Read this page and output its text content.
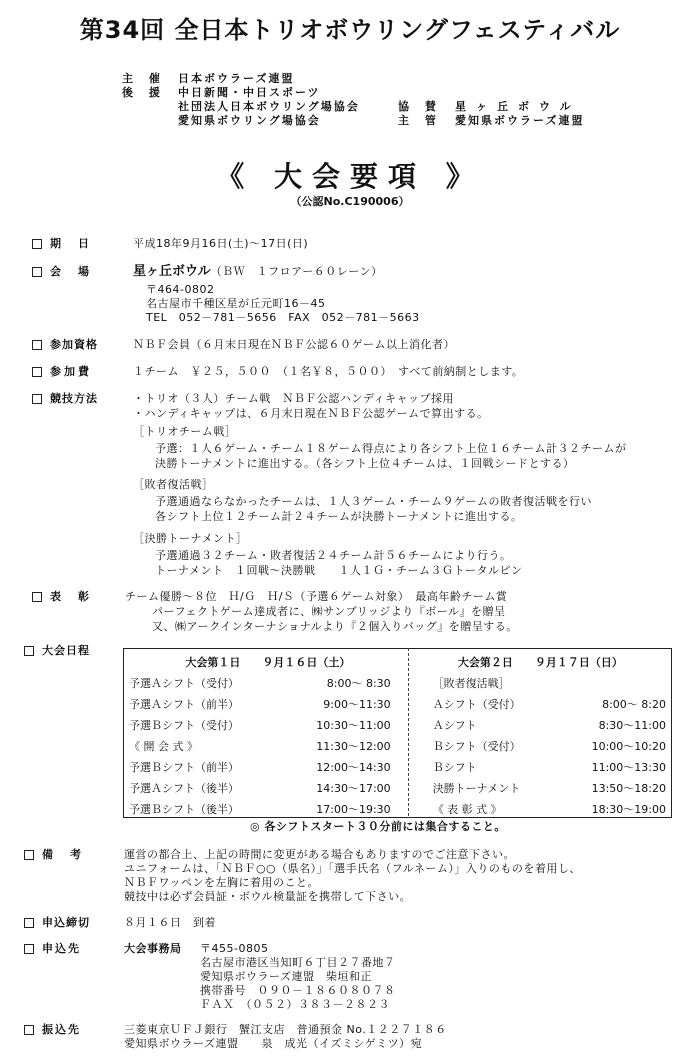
第34回 全日本トリオボウリングフェスティバル
主 催 日本ボウラーズ連盟
後 援 中日新聞・中日スポーツ
社団法人日本ボウリング場協会
愛知県ボウリング場協会
協 賛 星ヶ丘ボウル
主 管 愛知県ボウラーズ連盟
《 大会要項 》
（公認No.C190006）
期　日	平成18年9月16日(土)～17日(日)
会　場	星ヶ丘ボウル（ＢＷ　１フロアー６０レーン）
〒464-0802
名古屋市千種区星が丘元町16－45
TEL　052－781－5656　FAX　052－781－5663
参加資格	ＮＢＦ会員（６月末日現在ＮＢＦ公認６０ゲーム以上消化者）
参加費	１チーム　￥２５，５００　（１名￥８，５００）　すべて前納制とします。
競技方法	・トリオ（３人）チーム戦　ＮＢＦ公認ハンディキャップ採用
・ハンディキャップは、６月末日現在ＮＢＦ公認ゲームで算出する。
［トリオチーム戦］
予選：１人６ゲーム・チーム１８ゲーム得点により各シフト上位１６チーム計３２チームが
決勝トーナメントに進出する。（各シフト上位４チームは、１回戦シードとする）
［敗者復活戦］
予選通過ならなかったチームは、１人３ゲーム・チーム９ゲームの敗者復活戦を行い
各シフト上位１２チーム計２４チームが決勝トーナメントに進出する。
［決勝トーナメント］
予選通過３２チーム・敗者復活２４チーム計５６チームにより行う。
トーナメント　１回戦～決勝戦　　１人１Ｇ・チーム３Ｇトータルピン
表　彰	チーム優勝～８位　Ｈ/Ｇ　Ｈ/Ｓ（予選６ゲーム対象）　最高年齢チーム賞
パーフェクトゲーム達成者に、㈱サンブリッジより『ボール』を贈呈
又、㈱アークインターナショナルより『２個入りバッグ』を贈呈する。
大会日程
大会第１日　　９月１６日（土）		大会第２日　　９月１７日（日）	
予選Ａシフト（受付）	8:00～ 8:30	［敗者復活戦］	
予選Ａシフト（前半）	9:00～11:30	Ａシフト（受付）	8:00～ 8:20
予選Ｂシフト（受付）	10:30～11:00	Ａシフト	8:30～11:00
《 開 会 式 》	11:30～12:00	Ｂシフト（受付）	10:00～10:20
予選Ｂシフト（前半）	12:00～14:30	Ｂシフト	11:00～13:30
予選Ａシフト（後半）	14:30～17:00	決勝トーナメント	13:50～18:20
予選Ｂシフト（後半）	17:00～19:30	《 表 彰 式 》	18:30～19:00
◎ 各シフトスタート３０分前には集合すること。
備　考	運営の都合上、上記の時間に変更がある場合もありますのでご注意下さい。
ユニフォームは、「ＮＢＦ○○（県名）」「選手氏名（フルネーム）」入りのものを着用し、
ＮＢＦワッペンを左胸に着用のこと。
競技中は必ず会員証・ボウル検量証を携帯して下さい。
申込締切	８月１６日　到着
申込先	大会事務局 〒455-0805
名古屋市港区当知町６丁目２７番地７
愛知県ボウラーズ連盟　柴垣和正
携帯番号　０９０－１８６０８０７８
ＦＡＸ　（０５２）３８３－２８２３
振込先	三菱東京ＵＦＪ銀行　蟹江支店　普通預金 No.１２２７１８６
愛知県ボウラーズ連盟　　泉　成光（イズミシゲミツ）宛
